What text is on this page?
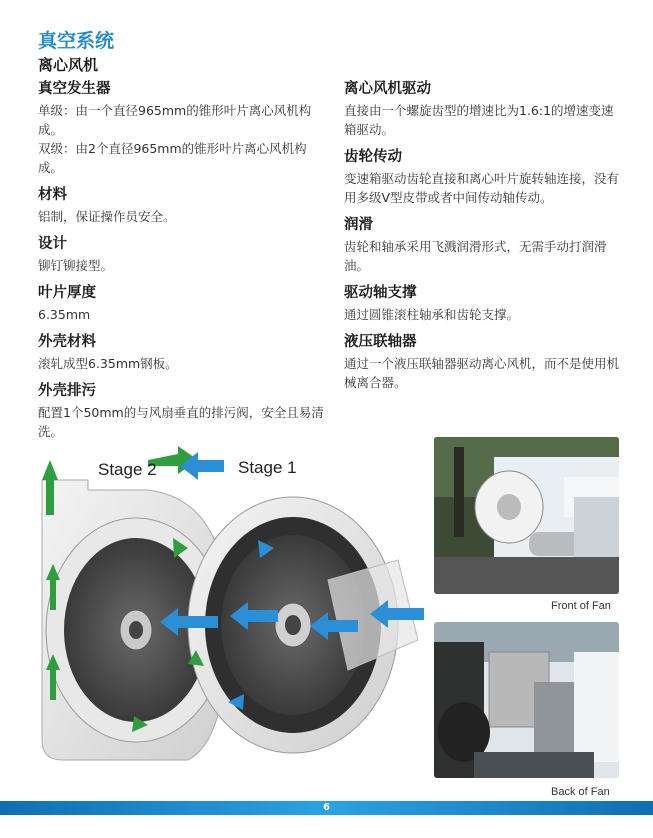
真空系统
离心风机
真空发生器

单级：由一个直径965mm的锥形叶片离心风机构成。

双级：由2个直径965mm的锥形叶片离心风机构成。

材料

铝制，保证操作员安全。

设计

铆钉铆接型。

叶片厚度

6.35mm

外壳材料

滚轧成型6.35mm钢板。

外壳排污

配置1个50mm的与风扇垂直的排污阀，安全且易清洗。

离心风机驱动

直接由一个螺旋齿型的增速比为1.6:1的增速变速箱驱动。

齿轮传动

变速箱驱动齿轮直接和离心叶片旋转轴连接，没有用多级V型皮带或者中间传动轴传动。

润滑

齿轮和轴承采用飞溅润滑形式，无需手动打润滑油。

驱动轴支撑

通过圆锥滚柱轴承和齿轮支撑。

液压联轴器

通过一个液压联轴器驱动离心风机，而不是使用机械离合器。

Stage 2	Stage 1
Front of Fan
Back of Fan
6
